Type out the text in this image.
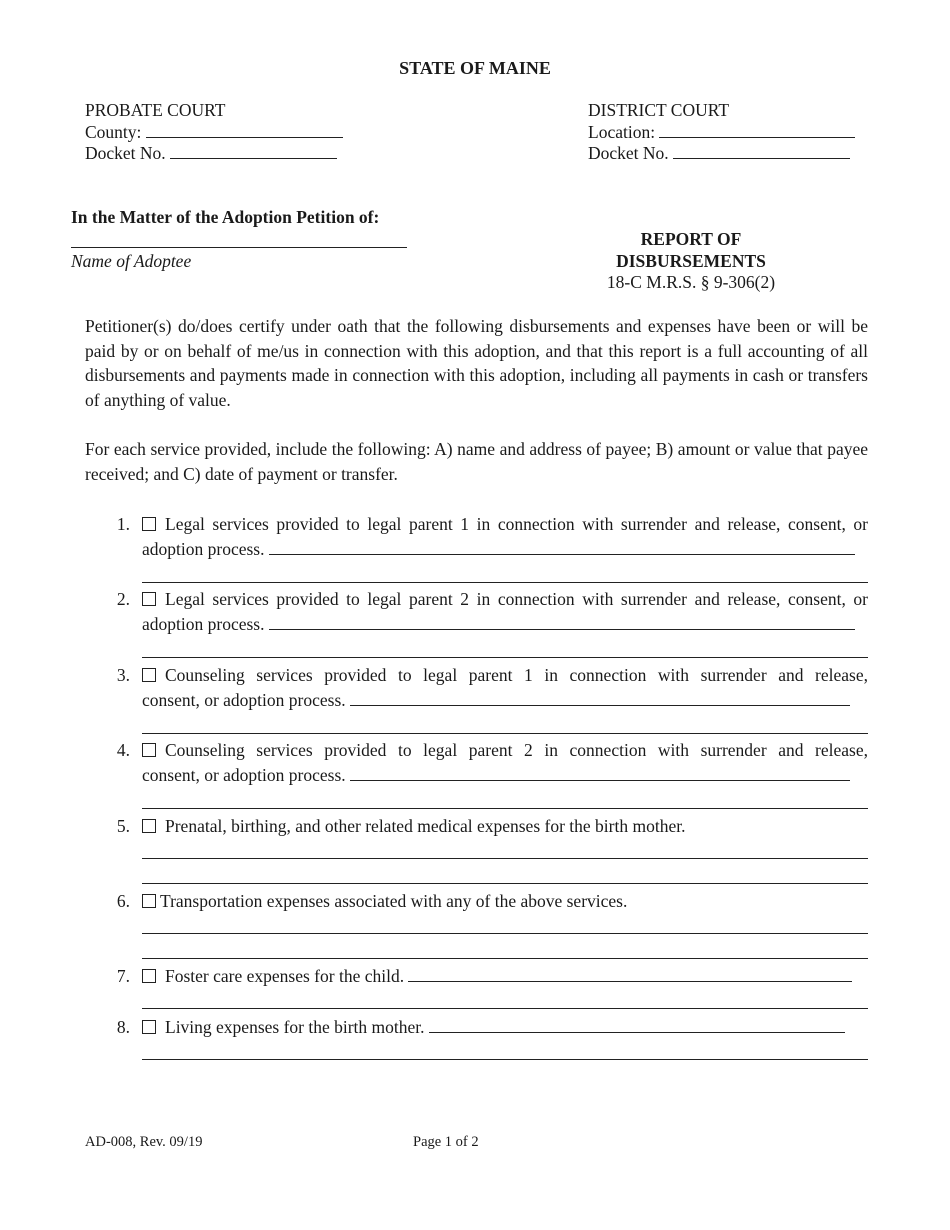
STATE OF MAINE
PROBATE COURT
County:
Docket No.
DISTRICT COURT
Location:
Docket No.
In the Matter of the Adoption Petition of:
Name of Adoptee
REPORT OF
DISBURSEMENTS
18-C M.R.S. § 9-306(2)
Petitioner(s) do/does certify under oath that the following disbursements and expenses have been or will be paid by or on behalf of me/us in connection with this adoption, and that this report is a full accounting of all disbursements and payments made in connection with this adoption, including all payments in cash or transfers of anything of value.
For each service provided, include the following: A) name and address of payee; B) amount or value that payee received; and C) date of payment or transfer.
1.	Legal services provided to legal parent 1 in connection with surrender and release, consent, or
adoption process.
2.	Legal services provided to legal parent 2 in connection with surrender and release, consent, or
adoption process.
3.	Counseling services provided to legal parent 1 in connection with surrender and release,
consent, or adoption process.
4.	Counseling services provided to legal parent 2 in connection with surrender and release,
consent, or adoption process.
5.	Prenatal, birthing, and other related medical expenses for the birth mother.
6.	Transportation expenses associated with any of the above services.
7.	Foster care expenses for the child.
8.	Living expenses for the birth mother.
AD-008, Rev. 09/19	Page 1 of 2
